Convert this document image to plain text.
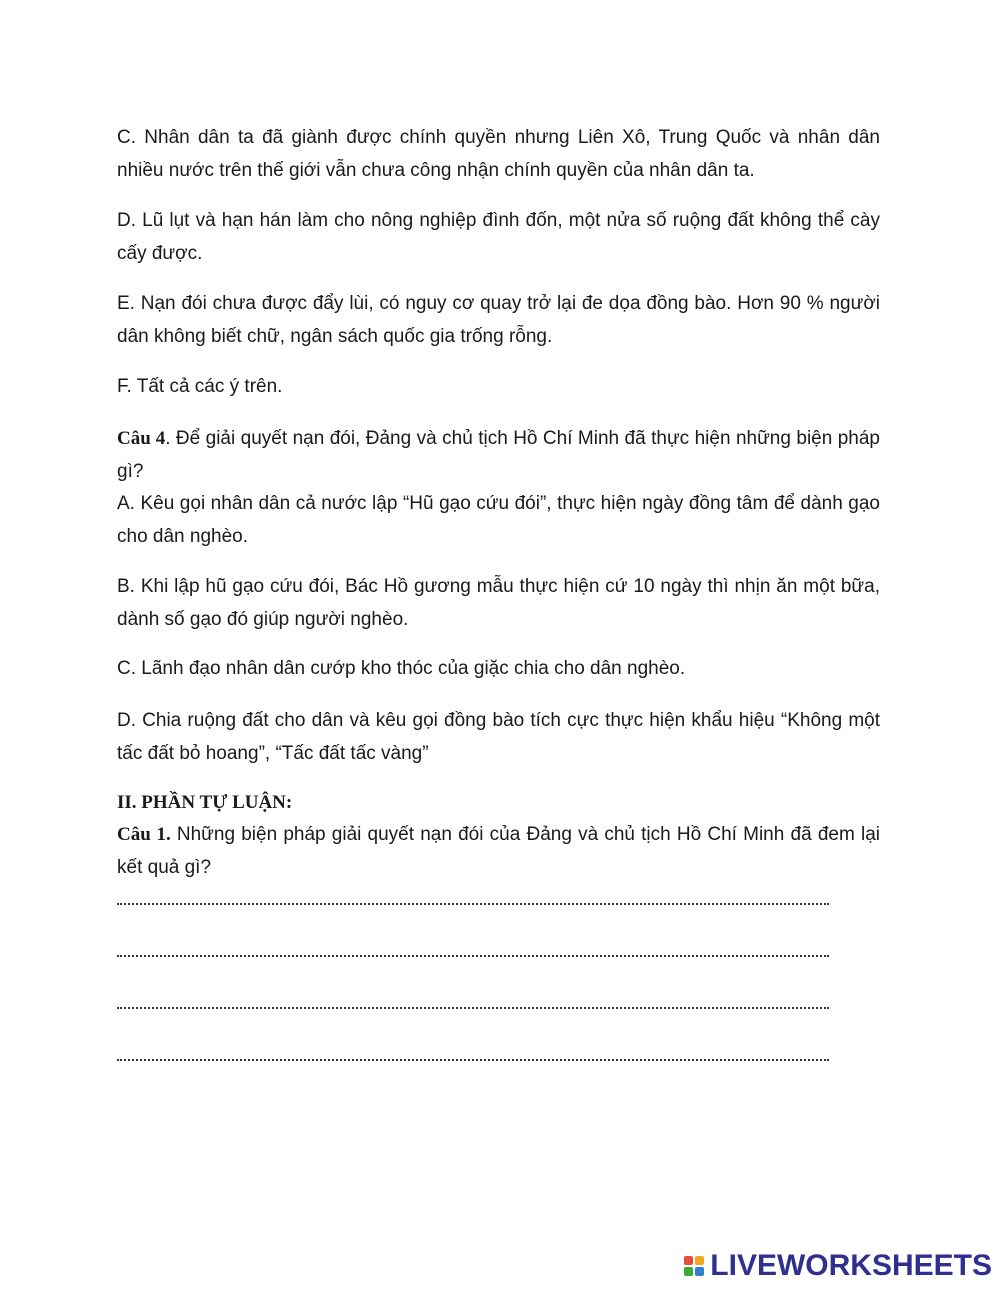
C. Nhân dân ta đã giành được chính quyền nhưng Liên Xô, Trung Quốc và nhân dân nhiều nước trên thế giới vẫn chưa công nhận chính quyền của nhân dân ta.
D. Lũ lụt và hạn hán làm cho nông nghiệp đình đốn, một nửa số ruộng đất không thể cày cấy được.
E. Nạn đói chưa được đẩy lùi, có nguy cơ quay trở lại đe dọa đồng bào. Hơn 90 % người dân không biết chữ, ngân sách quốc gia trống rỗng.
F. Tất cả các ý trên.
Câu 4. Để giải quyết nạn đói, Đảng và chủ tịch Hồ Chí Minh đã thực hiện những biện pháp gì?
A. Kêu gọi nhân dân cả nước lập “Hũ gạo cứu đói”, thực hiện ngày đồng tâm để dành gạo cho dân nghèo.
B. Khi lập hũ gạo cứu đói, Bác Hồ gương mẫu thực hiện cứ 10 ngày thì nhịn ăn một bữa, dành số gạo đó giúp người nghèo.
C. Lãnh đạo nhân dân cướp kho thóc của giặc chia cho dân nghèo.
D. Chia ruộng đất cho dân và kêu gọi đồng bào tích cực thực hiện khẩu hiệu “Không một tấc đất bỏ hoang”, “Tấc đất tấc vàng”
II. PHẦN TỰ LUẬN:
Câu 1. Những biện pháp giải quyết nạn đói của Đảng và chủ tịch Hồ Chí Minh đã đem lại kết quả gì?
LIVEWORKSHEETS
